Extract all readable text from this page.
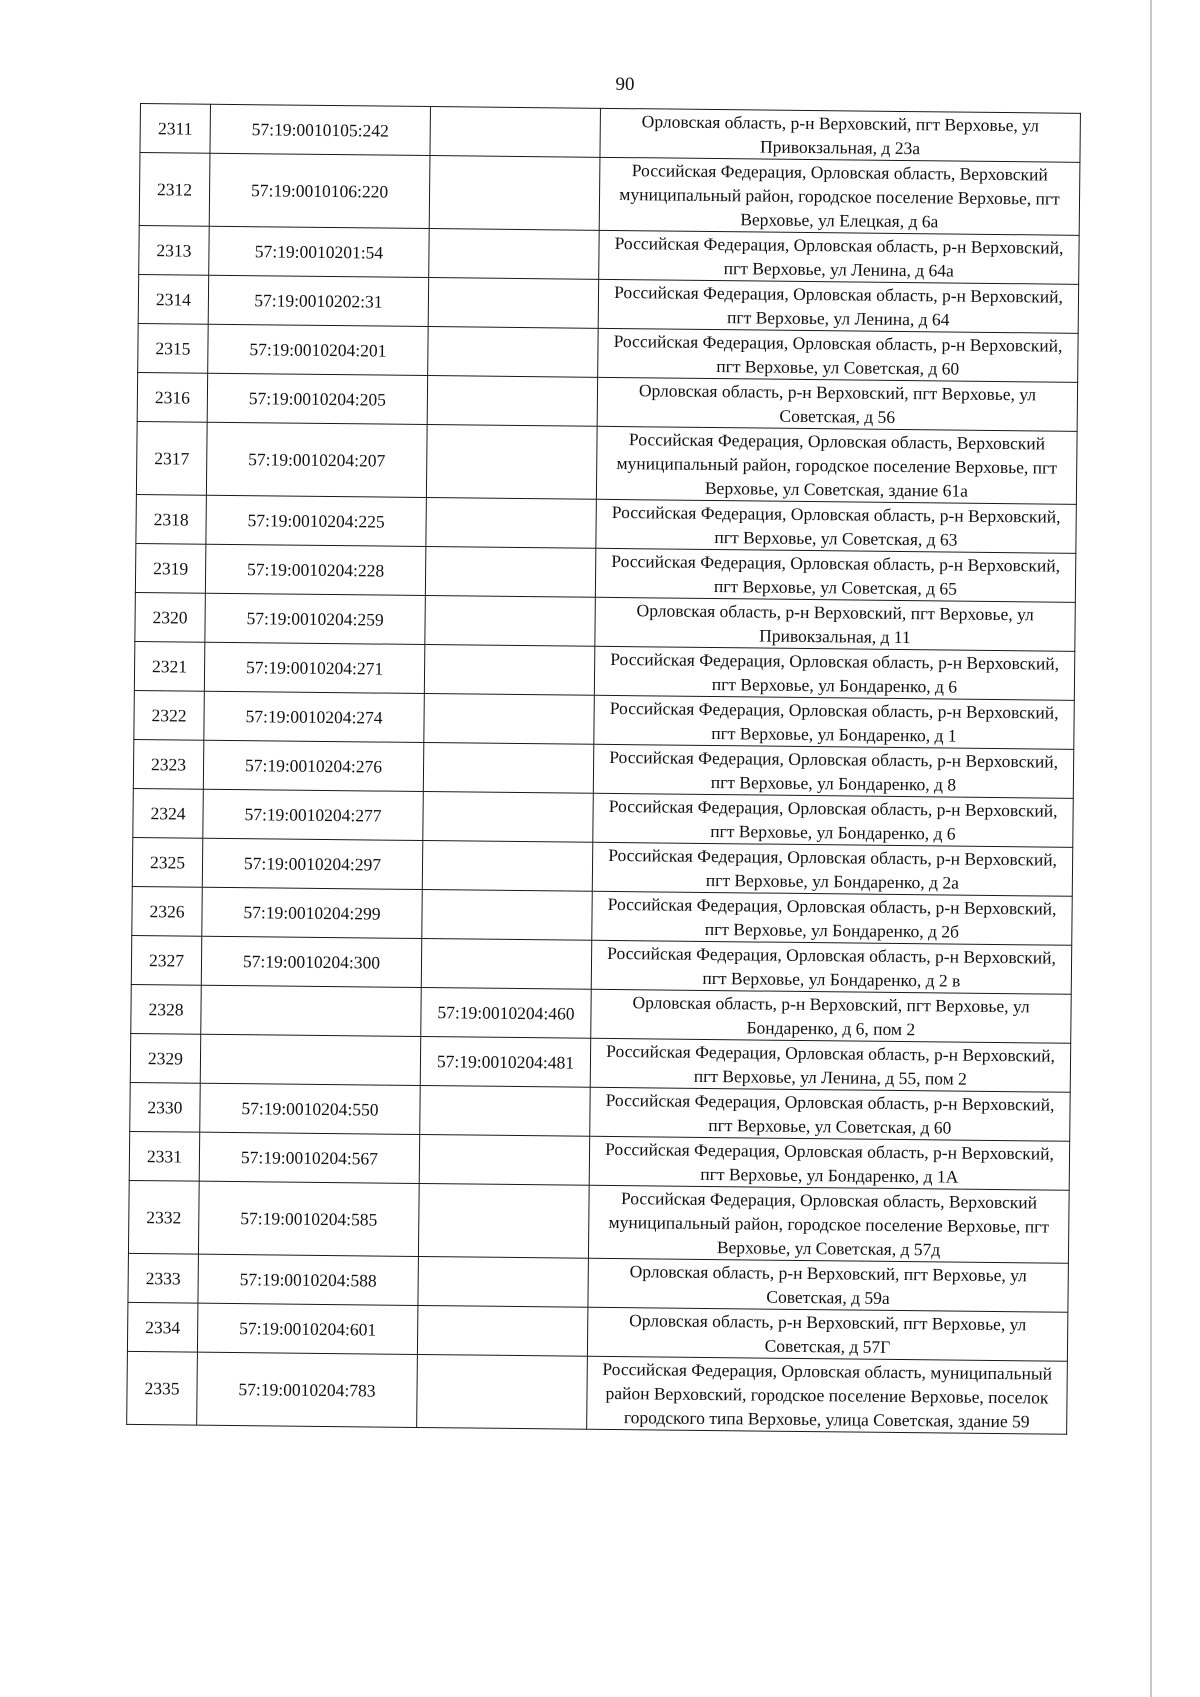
90
2311	57:19:0010105:242		Орловская область, р-н Верховский, пгт Верховье, ул Привокзальная, д 23а
2312	57:19:0010106:220		Российская Федерация, Орловская область, Верховский муниципальный район, городское поселение Верховье, пгт Верховье, ул Елецкая, д 6а
2313	57:19:0010201:54		Российская Федерация, Орловская область, р-н Верховский, пгт Верховье, ул Ленина, д 64а
2314	57:19:0010202:31		Российская Федерация, Орловская область, р-н Верховский, пгт Верховье, ул Ленина, д 64
2315	57:19:0010204:201		Российская Федерация, Орловская область, р-н Верховский, пгт Верховье, ул Советская, д 60
2316	57:19:0010204:205		Орловская область, р-н Верховский, пгт Верховье, ул Советская, д 56
2317	57:19:0010204:207		Российская Федерация, Орловская область, Верховский муниципальный район, городское поселение Верховье, пгт Верховье, ул Советская, здание 61а
2318	57:19:0010204:225		Российская Федерация, Орловская область, р-н Верховский, пгт Верховье, ул Советская, д 63
2319	57:19:0010204:228		Российская Федерация, Орловская область, р-н Верховский, пгт Верховье, ул Советская, д 65
2320	57:19:0010204:259		Орловская область, р-н Верховский, пгт Верховье, ул Привокзальная, д 11
2321	57:19:0010204:271		Российская Федерация, Орловская область, р-н Верховский, пгт Верховье, ул Бондаренко, д 6
2322	57:19:0010204:274		Российская Федерация, Орловская область, р-н Верховский, пгт Верховье, ул Бондаренко, д 1
2323	57:19:0010204:276		Российская Федерация, Орловская область, р-н Верховский, пгт Верховье, ул Бондаренко, д 8
2324	57:19:0010204:277		Российская Федерация, Орловская область, р-н Верховский, пгт Верховье, ул Бондаренко, д 6
2325	57:19:0010204:297		Российская Федерация, Орловская область, р-н Верховский, пгт Верховье, ул Бондаренко, д 2а
2326	57:19:0010204:299		Российская Федерация, Орловская область, р-н Верховский, пгт Верховье, ул Бондаренко, д 2б
2327	57:19:0010204:300		Российская Федерация, Орловская область, р-н Верховский, пгт Верховье, ул Бондаренко, д 2 в
2328		57:19:0010204:460	Орловская область, р-н Верховский, пгт Верховье, ул Бондаренко, д 6, пом 2
2329		57:19:0010204:481	Российская Федерация, Орловская область, р-н Верховский, пгт Верховье, ул Ленина, д 55, пом 2
2330	57:19:0010204:550		Российская Федерация, Орловская область, р-н Верховский, пгт Верховье, ул Советская, д 60
2331	57:19:0010204:567		Российская Федерация, Орловская область, р-н Верховский, пгт Верховье, ул Бондаренко, д 1А
2332	57:19:0010204:585		Российская Федерация, Орловская область, Верховский муниципальный район, городское поселение Верховье, пгт Верховье, ул Советская, д 57д
2333	57:19:0010204:588		Орловская область, р-н Верховский, пгт Верховье, ул Советская, д 59а
2334	57:19:0010204:601		Орловская область, р-н Верховский, пгт Верховье, ул Советская, д 57Г
2335	57:19:0010204:783		Российская Федерация, Орловская область, муниципальный район Верховский, городское поселение Верховье, поселок городского типа Верховье, улица Советская, здание 59
